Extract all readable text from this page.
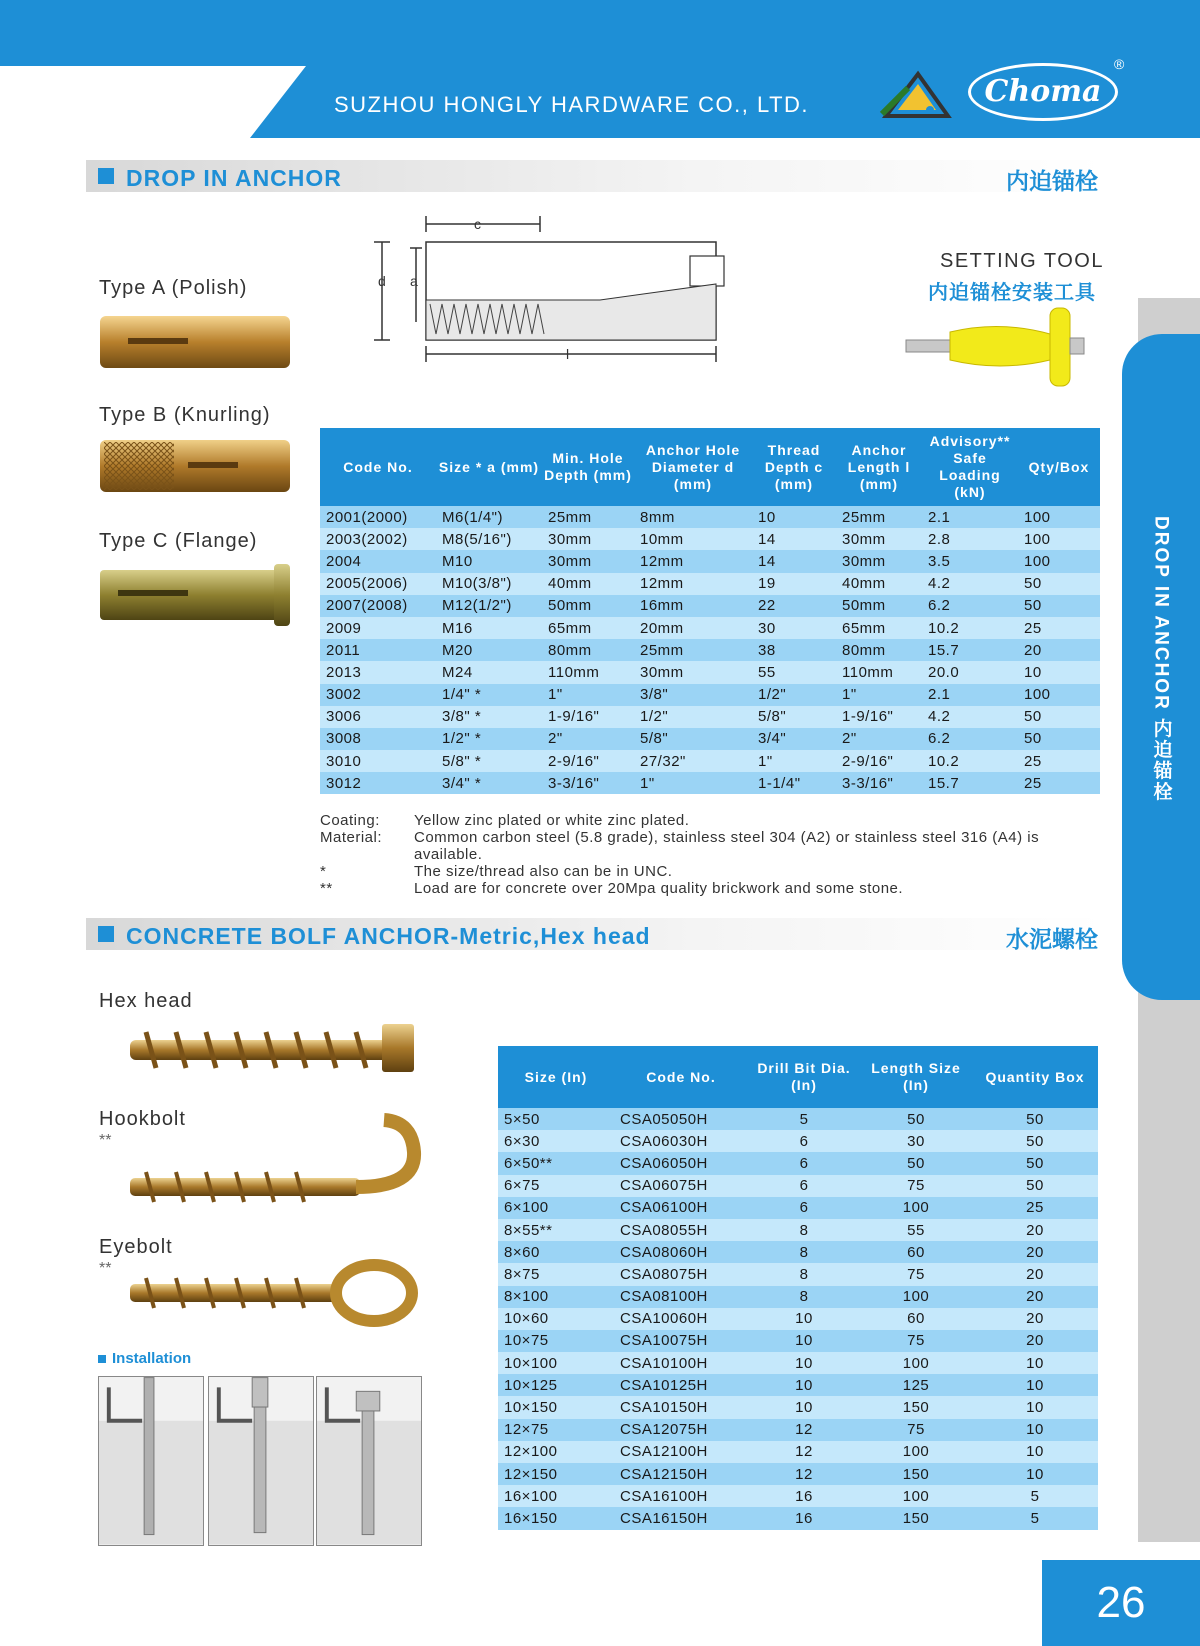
SUZHOU HONGLY HARDWARE CO., LTD.	Choma
®
DROP IN ANCHOR	内迫锚栓
DROP IN ANCHOR 内迫锚栓
Type A (Polish)
Type B (Knurling)
Type C (Flange)
c
d a
l
SETTING TOOL
内迫锚栓安装工具
Code No.	Size * a (mm)	Min. Hole Depth (mm)	Anchor Hole Diameter d (mm)	Thread Depth c (mm)	Anchor Length l (mm)	Advisory** Safe Loading (kN)	Qty/Box
2001(2000)	M6(1/4")	25mm	8mm	10	25mm	2.1	100
2003(2002)	M8(5/16")	30mm	10mm	14	30mm	2.8	100
2004	M10	30mm	12mm	14	30mm	3.5	100
2005(2006)	M10(3/8")	40mm	12mm	19	40mm	4.2	50
2007(2008)	M12(1/2")	50mm	16mm	22	50mm	6.2	50
2009	M16	65mm	20mm	30	65mm	10.2	25
2011	M20	80mm	25mm	38	80mm	15.7	20
2013	M24	110mm	30mm	55	110mm	20.0	10
3002	1/4" *	1"	3/8"	1/2"	1"	2.1	100
3006	3/8" *	1-9/16"	1/2"	5/8"	1-9/16"	4.2	50
3008	1/2" *	2"	5/8"	3/4"	2"	6.2	50
3010	5/8" *	2-9/16"	27/32"	1"	2-9/16"	10.2	25
3012	3/4" *	3-3/16"	1"	1-1/4"	3-3/16"	15.7	25
Coating:	Yellow zinc plated or white zinc plated.
Material:	Common carbon steel (5.8 grade), stainless steel 304 (A2) or stainless steel 316 (A4) is available.
*	The size/thread also can be in UNC.
**	Load are for concrete over 20Mpa quality brickwork and some stone.
CONCRETE BOLF ANCHOR-Metric,Hex head	水泥螺栓
Hex head
Hookbolt
**
Eyebolt
**
Installation
Size (In)	Code No.	Drill Bit Dia. (In)	Length Size (In)	Quantity Box
5×50	CSA05050H	5	50	50
6×30	CSA06030H	6	30	50
6×50**	CSA06050H	6	50	50
6×75	CSA06075H	6	75	50
6×100	CSA06100H	6	100	25
8×55**	CSA08055H	8	55	20
8×60	CSA08060H	8	60	20
8×75	CSA08075H	8	75	20
8×100	CSA08100H	8	100	20
10×60	CSA10060H	10	60	20
10×75	CSA10075H	10	75	20
10×100	CSA10100H	10	100	10
10×125	CSA10125H	10	125	10
10×150	CSA10150H	10	150	10
12×75	CSA12075H	12	75	10
12×100	CSA12100H	12	100	10
12×150	CSA12150H	12	150	10
16×100	CSA16100H	16	100	5
16×150	CSA16150H	16	150	5
26
